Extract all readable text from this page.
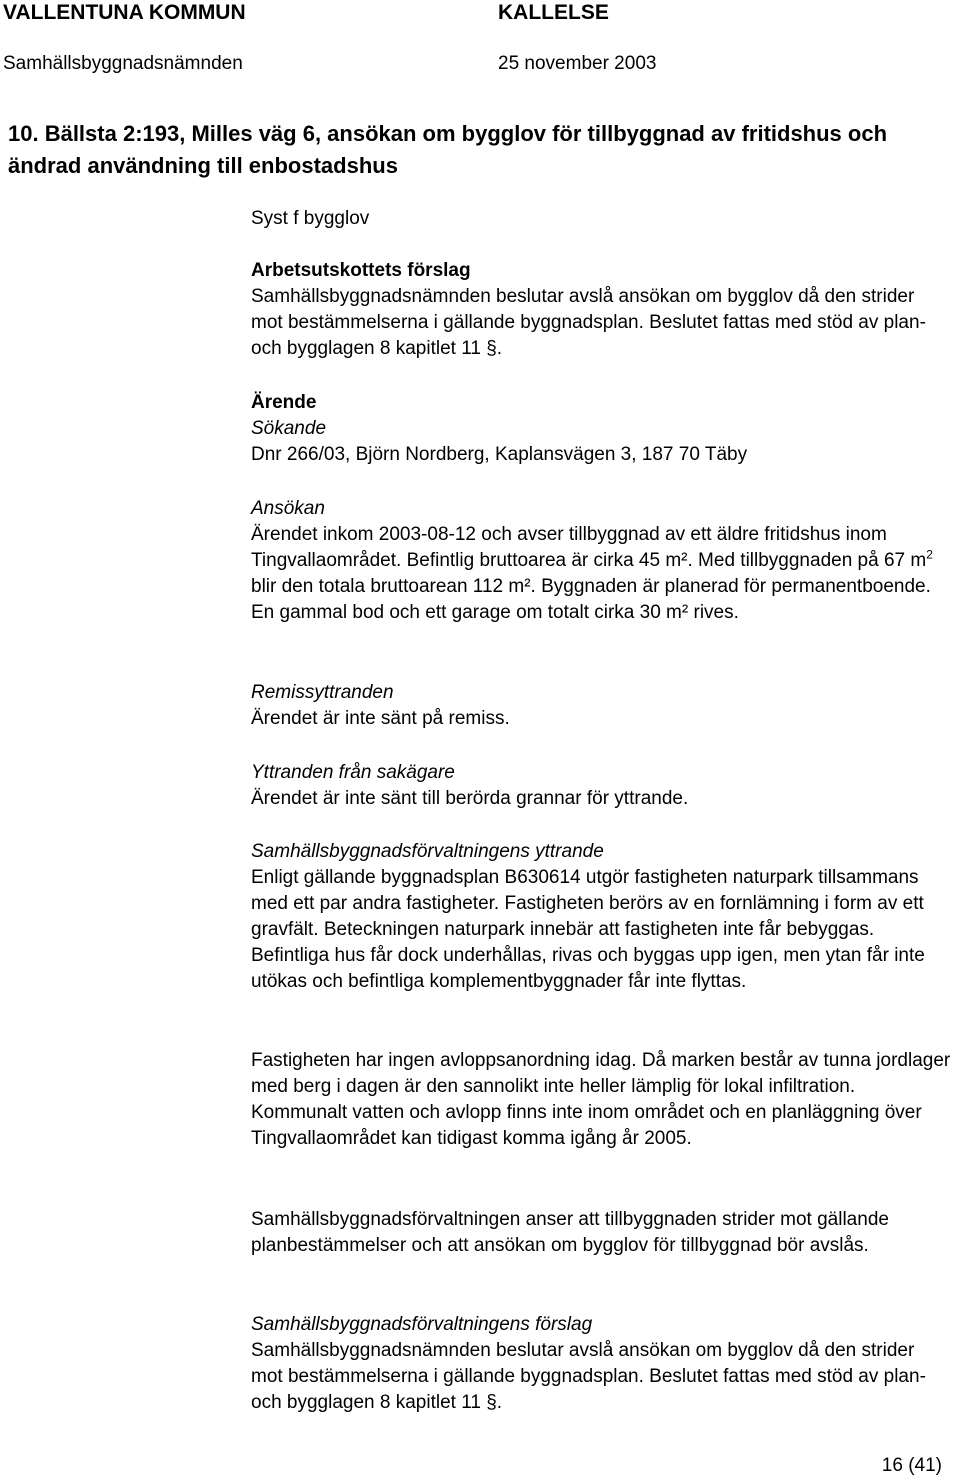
VALLENTUNA KOMMUN	KALLELSE
Samhällsbyggnadsnämnden	25 november 2003
10. Bällsta 2:193, Milles väg 6, ansökan om bygglov för tillbyggnad av fritidshus och ändrad användning till enbostadshus
Syst f bygglov

Arbetsutskottets förslag

Samhällsbyggnadsnämnden beslutar avslå ansökan om bygglov då den strider mot bestämmelserna i gällande byggnadsplan. Beslutet fattas med stöd av plan- och bygglagen 8 kapitlet 11 §.

Ärende

Sökande

Dnr 266/03, Björn Nordberg, Kaplansvägen 3, 187 70 Täby

Ansökan

Ärendet inkom 2003-08-12 och avser tillbyggnad av ett äldre fritidshus inom Tingvallaområdet. Befintlig bruttoarea är cirka 45 m². Med tillbyggnaden på 67 $m^2$ blir den totala bruttoarean 112 m². Byggnaden är planerad för permanentboende. En gammal bod och ett garage om totalt cirka 30 m² rives.

Remissyttranden

Ärendet är inte sänt på remiss.

Yttranden från sakägare

Ärendet är inte sänt till berörda grannar för yttrande.

Samhällsbyggnadsförvaltningens yttrande

Enligt gällande byggnadsplan B630614 utgör fastigheten naturpark tillsammans med ett par andra fastigheter. Fastigheten berörs av en fornlämning i form av ett gravfält. Beteckningen naturpark innebär att fastigheten inte får bebyggas. Befintliga hus får dock underhållas, rivas och byggas upp igen, men ytan får inte utökas och befintliga komplementbyggnader får inte flyttas.

Fastigheten har ingen avloppsanordning idag. Då marken består av tunna jordlager med berg i dagen är den sannolikt inte heller lämplig för lokal infiltration. Kommunalt vatten och avlopp finns inte inom området och en planläggning över Tingvallaområdet kan tidigast komma igång år 2005.
Samhällsbyggnadsförvaltningen anser att tillbyggnaden strider mot gällande planbestämmelser och att ansökan om bygglov för tillbyggnad bör avslås.

Samhällsbyggnadsförvaltningens förslag

Samhällsbyggnadsnämnden beslutar avslå ansökan om bygglov då den strider mot bestämmelserna i gällande byggnadsplan. Beslutet fattas med stöd av plan- och bygglagen 8 kapitlet 11 §.

16 (41)
